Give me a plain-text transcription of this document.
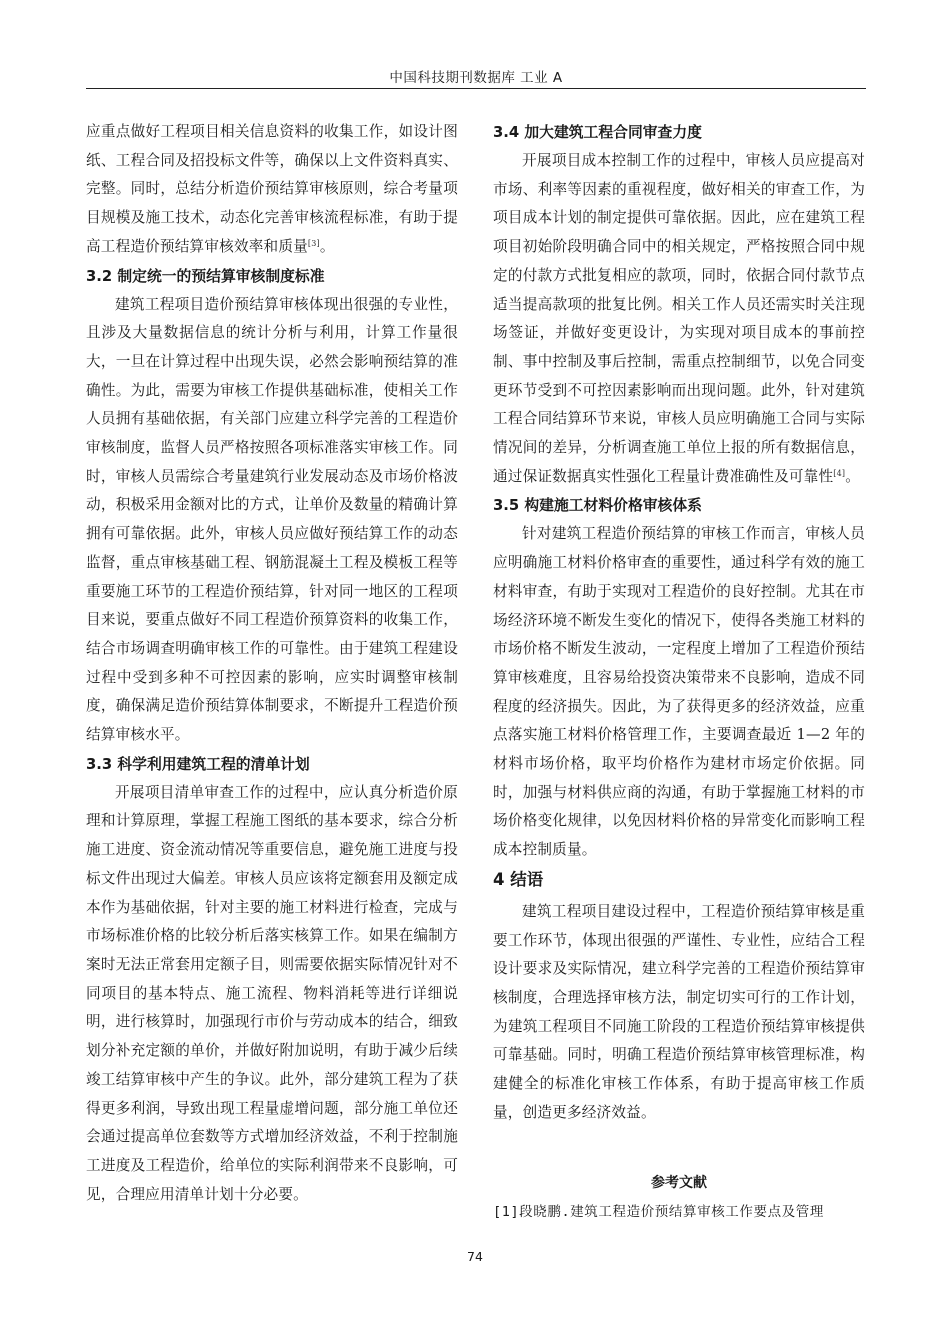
中国科技期刊数据库 工业 A

应重点做好工程项目相关信息资料的收集工作，如设计图纸、工程合同及招投标文件等，确保以上文件资料真实、完整。同时，总结分析造价预结算审核原则，综合考量项目规模及施工技术，动态化完善审核流程标准，有助于提高工程造价预结算审核效率和质量[3]。

3.2 制定统一的预结算审核制度标准

建筑工程项目造价预结算审核体现出很强的专业性，且涉及大量数据信息的统计分析与利用，计算工作量很大，一旦在计算过程中出现失误，必然会影响预结算的准确性。为此，需要为审核工作提供基础标准，使相关工作人员拥有基础依据，有关部门应建立科学完善的工程造价审核制度，监督人员严格按照各项标准落实审核工作。同时，审核人员需综合考量建筑行业发展动态及市场价格波动，积极采用金额对比的方式，让单价及数量的精确计算拥有可靠依据。此外，审核人员应做好预结算工作的动态监督，重点审核基础工程、钢筋混凝土工程及模板工程等重要施工环节的工程造价预结算，针对同一地区的工程项目来说，要重点做好不同工程造价预算资料的收集工作，结合市场调查明确审核工作的可靠性。由于建筑工程建设过程中受到多种不可控因素的影响，应实时调整审核制度，确保满足造价预结算体制要求，不断提升工程造价预结算审核水平。

3.3 科学利用建筑工程的清单计划

开展项目清单审查工作的过程中，应认真分析造价原理和计算原理，掌握工程施工图纸的基本要求，综合分析施工进度、资金流动情况等重要信息，避免施工进度与投标文件出现过大偏差。审核人员应该将定额套用及额定成本作为基础依据，针对主要的施工材料进行检查，完成与市场标准价格的比较分析后落实核算工作。如果在编制方案时无法正常套用定额子目，则需要依据实际情况针对不同项目的基本特点、施工流程、物料消耗等进行详细说明，进行核算时，加强现行市价与劳动成本的结合，细致划分补充定额的单价，并做好附加说明，有助于减少后续竣工结算审核中产生的争议。此外，部分建筑工程为了获得更多利润，导致出现工程量虚增问题，部分施工单位还会通过提高单位套数等方式增加经济效益，不利于控制施工进度及工程造价，给单位的实际利润带来不良影响，可见，合理应用清单计划十分必要。

3.4 加大建筑工程合同审查力度

开展项目成本控制工作的过程中，审核人员应提高对市场、利率等因素的重视程度，做好相关的审查工作，为项目成本计划的制定提供可靠依据。因此，应在建筑工程项目初始阶段明确合同中的相关规定，严格按照合同中规定的付款方式批复相应的款项，同时，依据合同付款节点适当提高款项的批复比例。相关工作人员还需实时关注现场签证，并做好变更设计，为实现对项目成本的事前控制、事中控制及事后控制，需重点控制细节，以免合同变更环节受到不可控因素影响而出现问题。此外，针对建筑工程合同结算环节来说，审核人员应明确施工合同与实际情况间的差异，分析调查施工单位上报的所有数据信息，通过保证数据真实性强化工程量计费准确性及可靠性[4]。

3.5 构建施工材料价格审核体系

针对建筑工程造价预结算的审核工作而言，审核人员应明确施工材料价格审查的重要性，通过科学有效的施工材料审查，有助于实现对工程造价的良好控制。尤其在市场经济环境不断发生变化的情况下，使得各类施工材料的市场价格不断发生波动，一定程度上增加了工程造价预结算审核难度，且容易给投资决策带来不良影响，造成不同程度的经济损失。因此，为了获得更多的经济效益，应重点落实施工材料价格管理工作，主要调查最近 1—2 年的材料市场价格，取平均价格作为建材市场定价依据。同时，加强与材料供应商的沟通，有助于掌握施工材料的市场价格变化规律，以免因材料价格的异常变化而影响工程成本控制质量。

4 结语

建筑工程项目建设过程中，工程造价预结算审核是重要工作环节，体现出很强的严谨性、专业性，应结合工程设计要求及实际情况，建立科学完善的工程造价预结算审核制度，合理选择审核方法，制定切实可行的工作计划，为建筑工程项目不同施工阶段的工程造价预结算审核提供可靠基础。同时，明确工程造价预结算审核管理标准，构建健全的标准化审核工作体系，有助于提高审核工作质量，创造更多经济效益。

参考文献
[1]段晓鹏.建筑工程造价预结算审核工作要点及管理
74
